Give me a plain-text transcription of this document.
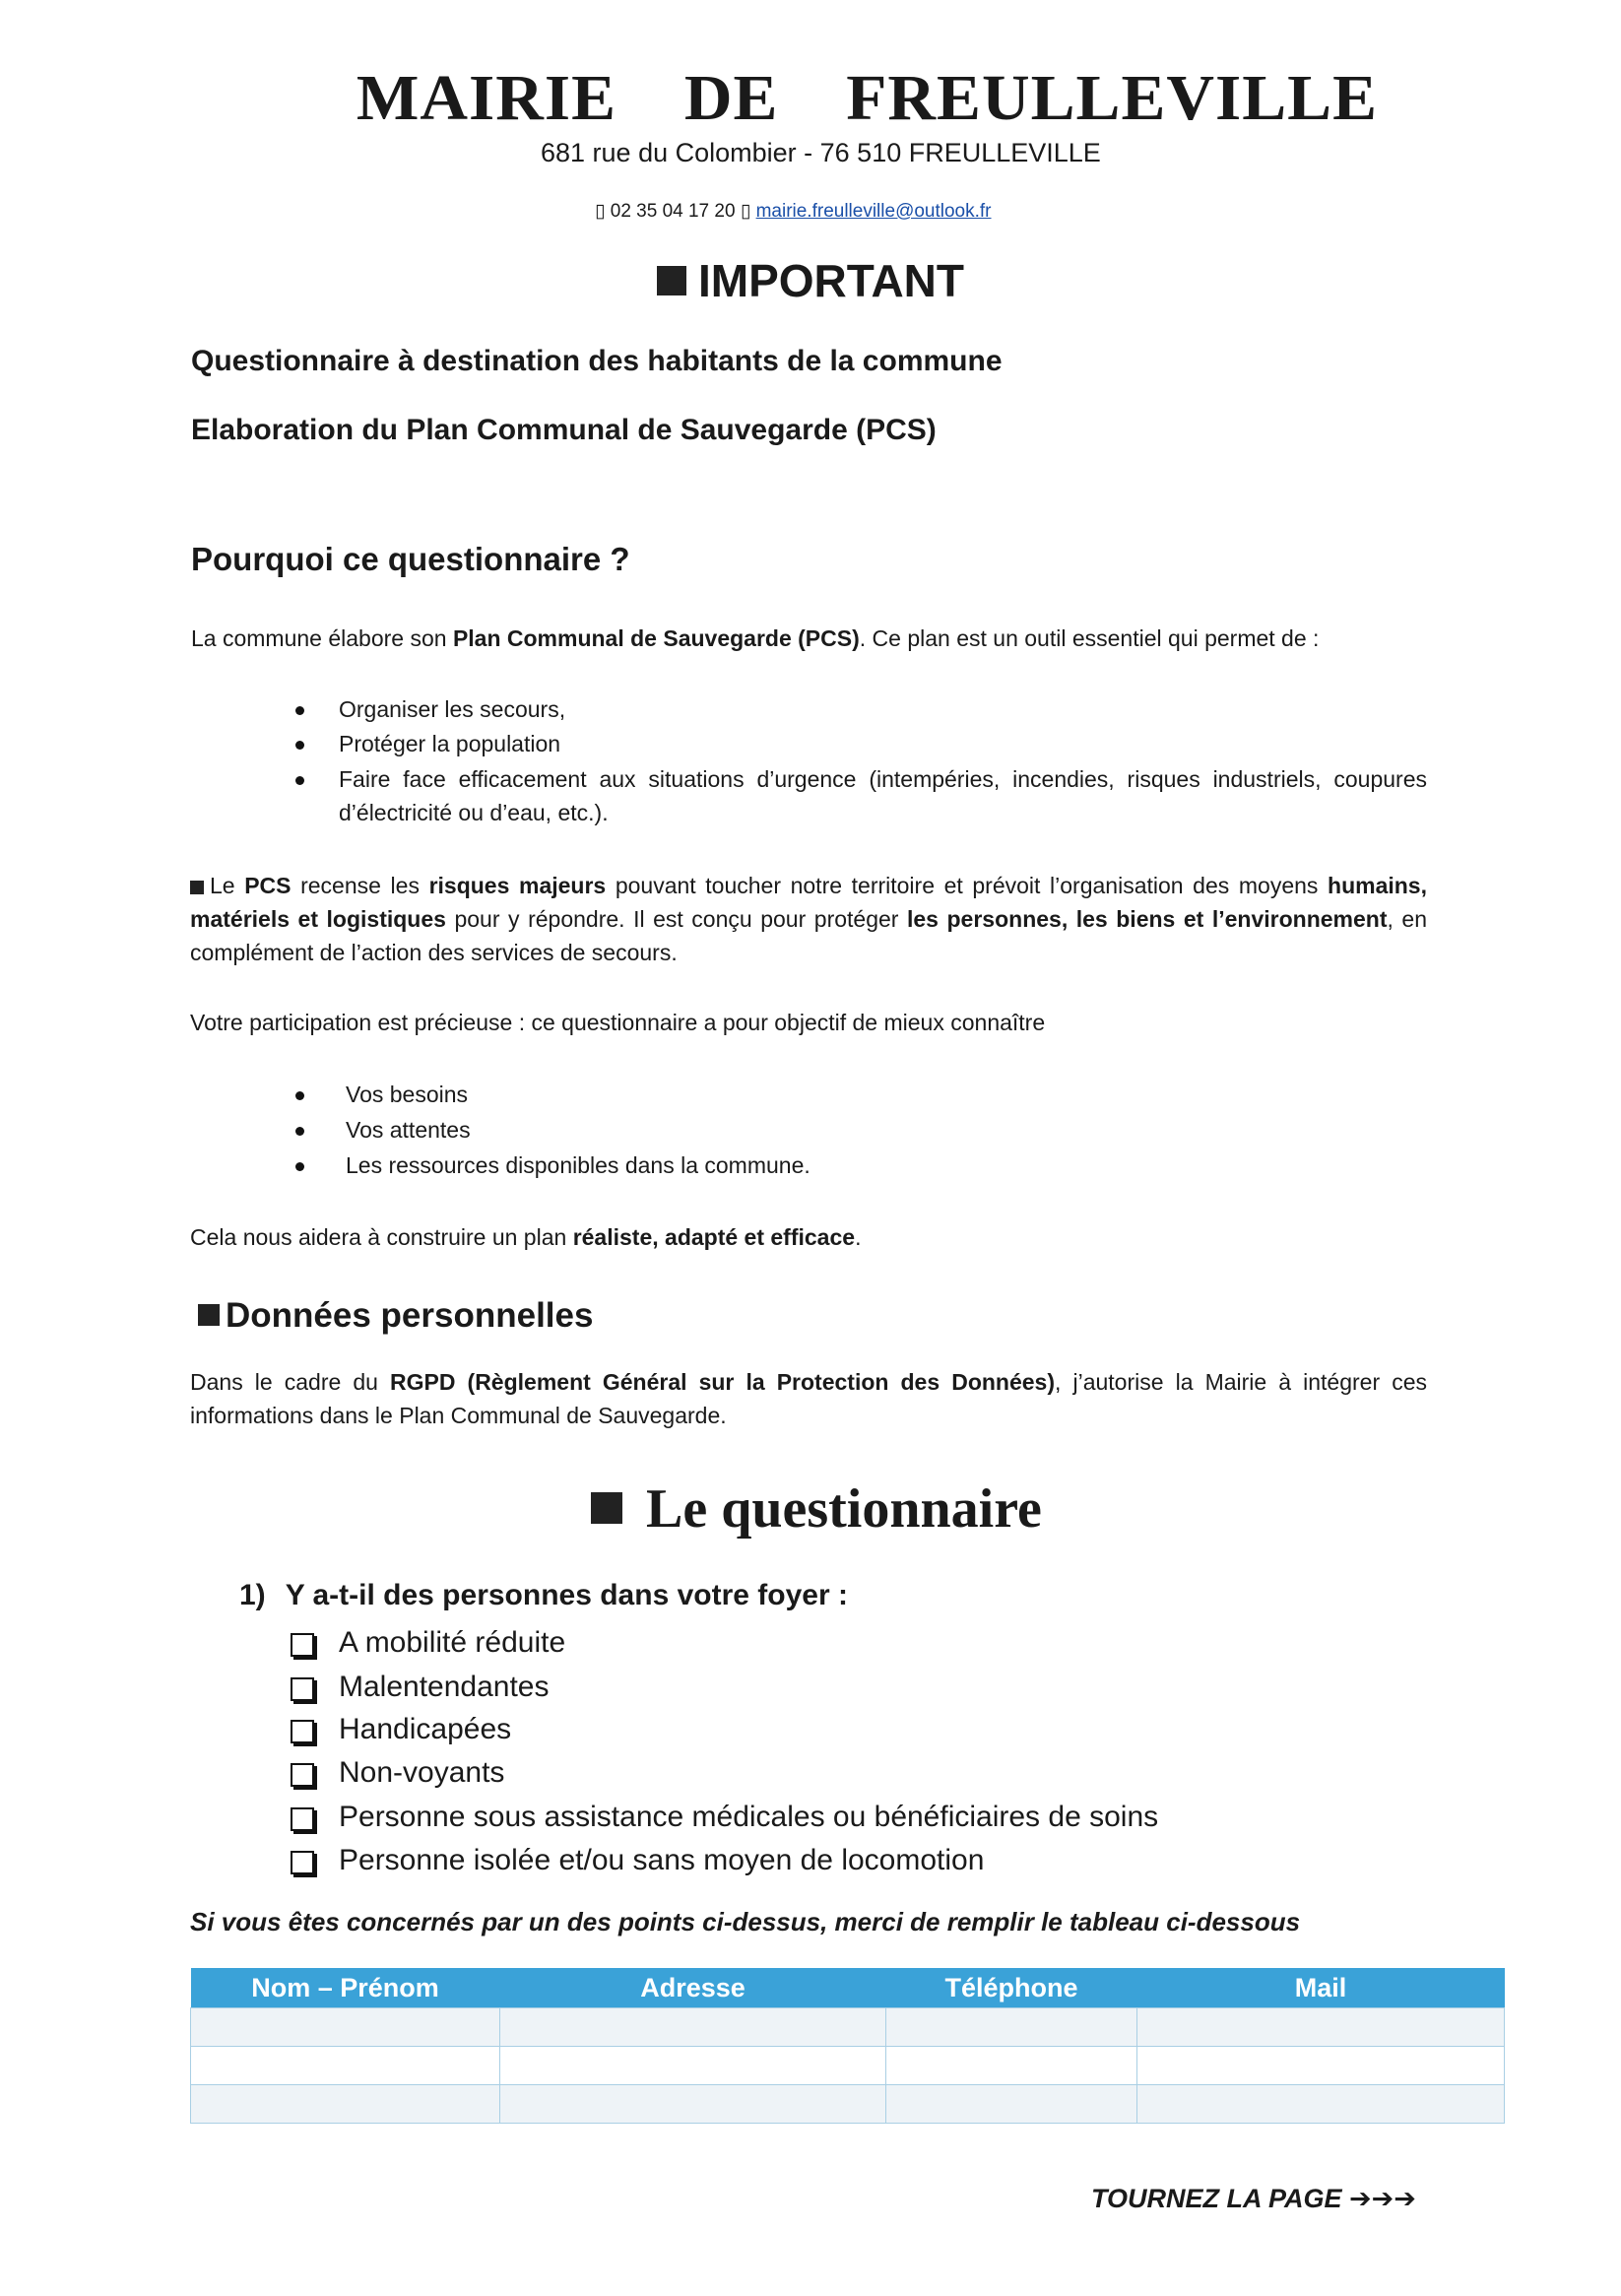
MAIRIE DE FREULLEVILLE
681 rue du Colombier - 76 510 FREULLEVILLE
▯ 02 35 04 17 20 ▯ mairie.freulleville@outlook.fr
IMPORTANT
Questionnaire à destination des habitants de la commune
Elaboration du Plan Communal de Sauvegarde (PCS)
Pourquoi ce questionnaire ?
La commune élabore son Plan Communal de Sauvegarde (PCS). Ce plan est un outil essentiel qui permet de :
Organiser les secours,
Protéger la population
Faire face efficacement aux situations d’urgence (intempéries, incendies, risques industriels, coupures d’électricité ou d’eau, etc.).
Le PCS recense les risques majeurs pouvant toucher notre territoire et prévoit l’organisation des moyens humains, matériels et logistiques pour y répondre. Il est conçu pour protéger les personnes, les biens et l’environnement, en complément de l’action des services de secours.
Votre participation est précieuse : ce questionnaire a pour objectif de mieux connaître
Vos besoins
Vos attentes
Les ressources disponibles dans la commune.
Cela nous aidera à construire un plan réaliste, adapté et efficace.
Données personnelles
Dans le cadre du RGPD (Règlement Général sur la Protection des Données), j’autorise la Mairie à intégrer ces informations dans le Plan Communal de Sauvegarde.
Le questionnaire
1) Y a-t-il des personnes dans votre foyer :
A mobilité réduite
Malentendantes
Handicapées
Non-voyants
Personne sous assistance médicales ou bénéficiaires de soins
Personne isolée et/ou sans moyen de locomotion
Si vous êtes concernés par un des points ci-dessus, merci de remplir le tableau ci-dessous
Nom – Prénom	Adresse	Téléphone	Mail

TOURNEZ LA PAGE ➔➔➔
